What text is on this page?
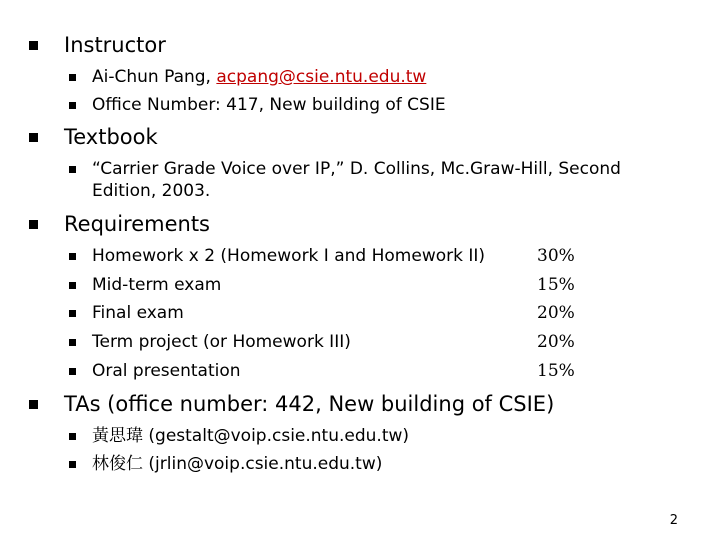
Instructor
Ai-Chun Pang, acpang@csie.ntu.edu.tw
Office Number: 417, New building of CSIE
Textbook
“Carrier Grade Voice over IP,” D. Collins, Mc.Graw-Hill, Second Edition, 2003.
Requirements
Homework x 2 (Homework I and Homework II)	30%
Mid-term exam	15%
Final exam	20%
Term project (or Homework III)	20%
Oral presentation	15%
TAs (office number: 442, New building of CSIE)
黃思瑋 (gestalt@voip.csie.ntu.edu.tw)
林俊仁 (jrlin@voip.csie.ntu.edu.tw)
2
